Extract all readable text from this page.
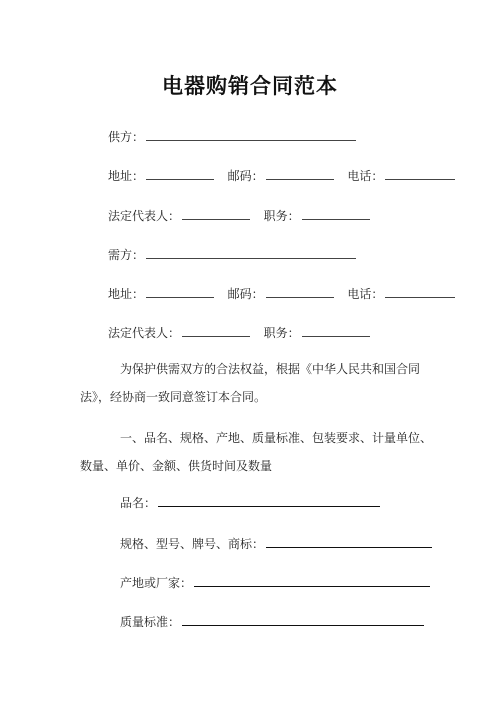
电器购销合同范本
供方：
地址：	邮码：	电话：
法定代表人：	职务：
需方：
地址：	邮码：	电话：
法定代表人：	职务：
为保护供需双方的合法权益，根据《中华人民共和国合同法》，经协商一致同意签订本合同。
一、品名、规格、产地、质量标准、包装要求、计量单位、数量、单价、金额、供货时间及数量
品名：
规格、型号、牌号、商标：
产地或厂家：
质量标准：
